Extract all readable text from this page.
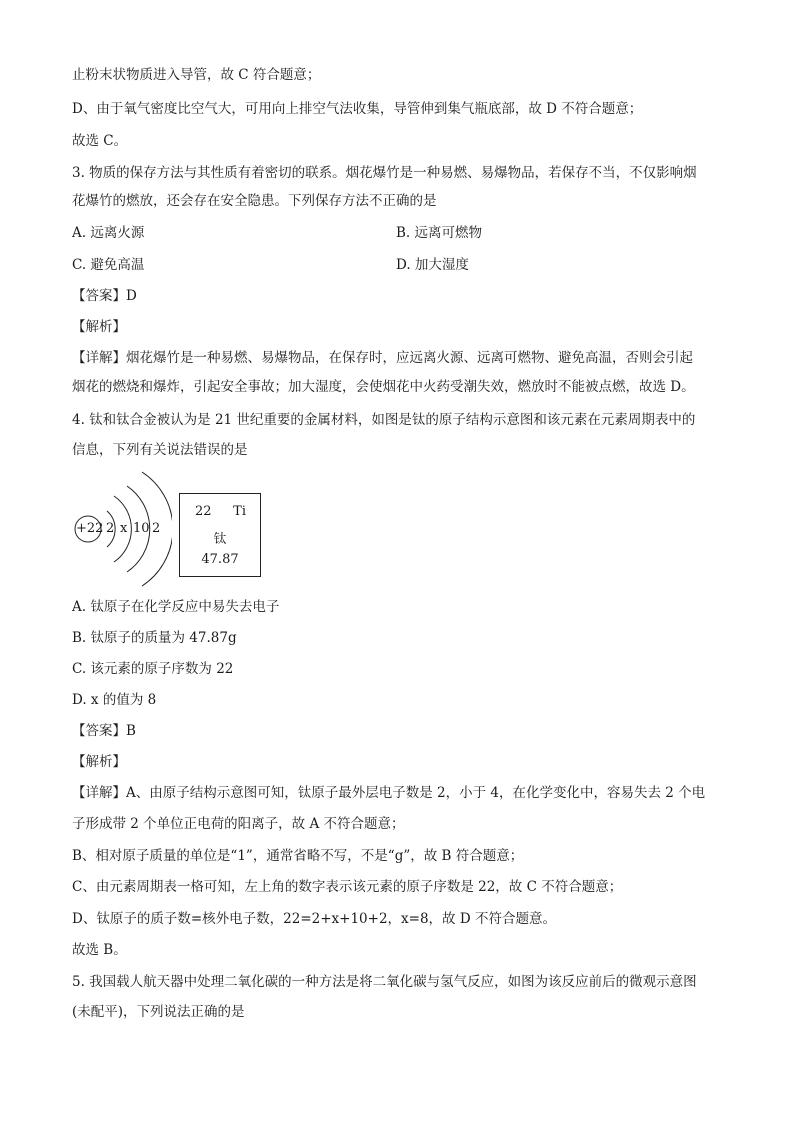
止粉末状物质进入导管，故 C 符合题意；
D、由于氧气密度比空气大，可用向上排空气法收集，导管伸到集气瓶底部，故 D 不符合题意；
故选 C。
3. 物质的保存方法与其性质有着密切的联系。烟花爆竹是一种易燃、易爆物品，若保存不当，不仅影响烟
花爆竹的燃放，还会存在安全隐患。下列保存方法不正确的是
A. 远离火源	B. 远离可燃物
C. 避免高温	D. 加大湿度
【答案】D
【解析】
【详解】烟花爆竹是一种易燃、易爆物品，在保存时，应远离火源、远离可燃物、避免高温，否则会引起
烟花的燃烧和爆炸，引起安全事故；加大湿度，会使烟花中火药受潮失效，燃放时不能被点燃，故选 D。
4. 钛和钛合金被认为是 21 世纪重要的金属材料，如图是钛的原子结构示意图和该元素在元素周期表中的
信息，下列有关说法错误的是
+22 2 x 10 2
22 Ti
钛
47.87
A. 钛原子在化学反应中易失去电子
B. 钛原子的质量为 47.87g
C. 该元素的原子序数为 22
D. x 的值为 8
【答案】B
【解析】
【详解】A、由原子结构示意图可知，钛原子最外层电子数是 2，小于 4，在化学变化中，容易失去 2 个电
子形成带 2 个单位正电荷的阳离子，故 A 不符合题意；
B、相对原子质量的单位是“1”，通常省略不写，不是“g”，故 B 符合题意；
C、由元素周期表一格可知，左上角的数字表示该元素的原子序数是 22，故 C 不符合题意；
D、钛原子的质子数=核外电子数，22=2+x+10+2，x=8，故 D 不符合题意。
故选 B。
5. 我国载人航天器中处理二氧化碳的一种方法是将二氧化碳与氢气反应，如图为该反应前后的微观示意图
(未配平)，下列说法正确的是
